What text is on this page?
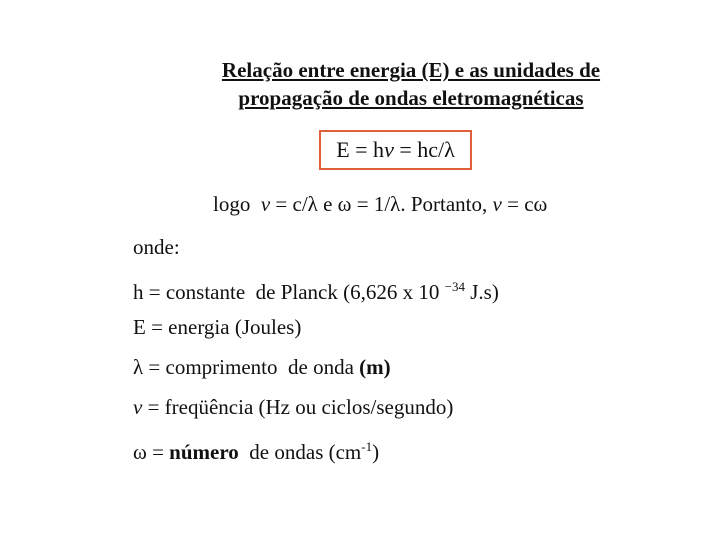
Relação entre energia (E) e as unidades de
propagação de ondas eletromagnéticas
E = hν = hc/λ
logo  ν = c/λ e ω = 1/λ. Portanto, ν = cω
onde:
h = constante  de Planck (6,626 x 10 $^{-34}$ J.s)
E = energia (Joules)
λ = comprimento  de onda (m)
ν = freqüência (Hz ou ciclos/segundo)
ω = número  de ondas $(cm^{-1})$
